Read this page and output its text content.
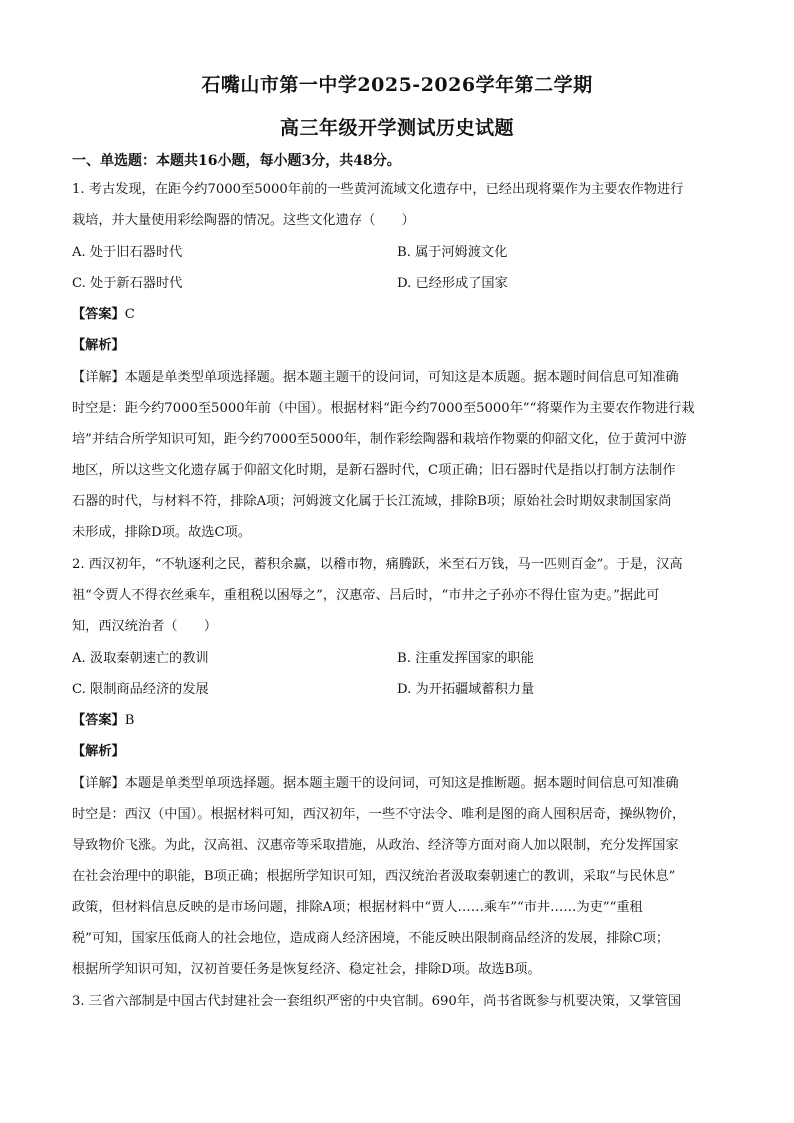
石嘴山市第一中学2025-2026学年第二学期
高三年级开学测试历史试题
一、单选题：本题共16小题，每小题3分，共48分。
1. 考古发现，在距今约7000至5000年前的一些黄河流域文化遗存中，已经出现将粟作为主要农作物进行
栽培，并大量使用彩绘陶器的情况。这些文化遗存（　　）
A. 处于旧石器时代	B. 属于河姆渡文化
C. 处于新石器时代	D. 已经形成了国家
【答案】C
【解析】
【详解】本题是单类型单项选择题。据本题主题干的设问词，可知这是本质题。据本题时间信息可知准确
时空是：距今约7000至5000年前（中国）。根据材料“距今约7000至5000年”“将粟作为主要农作物进行栽
培”并结合所学知识可知，距今约7000至5000年，制作彩绘陶器和栽培作物粟的仰韶文化，位于黄河中游
地区，所以这些文化遗存属于仰韶文化时期，是新石器时代，C项正确；旧石器时代是指以打制方法制作
石器的时代，与材料不符，排除A项；河姆渡文化属于长江流域，排除B项；原始社会时期奴隶制国家尚
未形成，排除D项。故选C项。
2. 西汉初年，“不轨逐利之民，蓄积余赢，以稽市物，痛腾跃，米至石万钱，马一匹则百金”。于是，汉高
祖“令贾人不得衣丝乘车，重租税以困辱之”，汉惠帝、吕后时，“市井之子孙亦不得仕宦为吏。”据此可
知，西汉统治者（　　）
A. 汲取秦朝速亡的教训	B. 注重发挥国家的职能
C. 限制商品经济的发展	D. 为开拓疆域蓄积力量
【答案】B
【解析】
【详解】本题是单类型单项选择题。据本题主题干的设问词，可知这是推断题。据本题时间信息可知准确
时空是：西汉（中国）。根据材料可知，西汉初年，一些不守法令、唯利是图的商人囤积居奇，操纵物价，
导致物价飞涨。为此，汉高祖、汉惠帝等采取措施，从政治、经济等方面对商人加以限制，充分发挥国家
在社会治理中的职能，B项正确；根据所学知识可知，西汉统治者汲取秦朝速亡的教训，采取“与民休息”
政策，但材料信息反映的是市场问题，排除A项；根据材料中“贾人……乘车”“市井……为吏”“重租
税”可知，国家压低商人的社会地位，造成商人经济困境，不能反映出限制商品经济的发展，排除C项；
根据所学知识可知，汉初首要任务是恢复经济、稳定社会，排除D项。故选B项。
3. 三省六部制是中国古代封建社会一套组织严密的中央官制。690年，尚书省既参与机要决策，又掌管国
